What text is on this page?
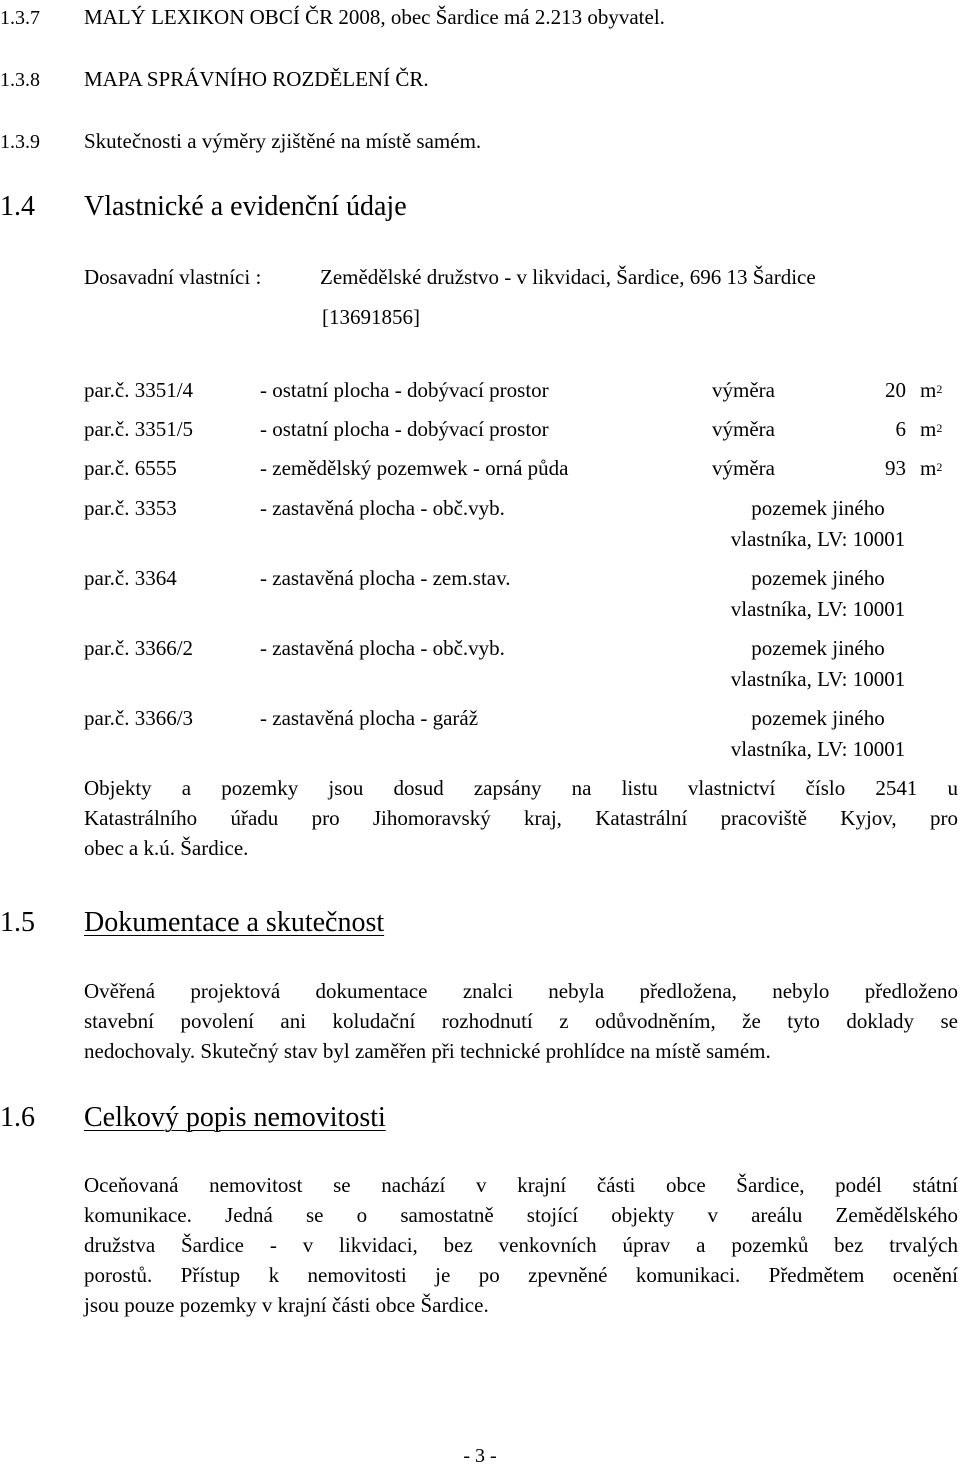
1.3.7 MALÝ LEXIKON OBCÍ ČR 2008, obec Šardice má 2.213 obyvatel.
1.3.8 MAPA SPRÁVNÍHO ROZDĚLENÍ ČR.
1.3.9 Skutečnosti a výměry zjištěné na místě samém.
1.4 Vlastnické a evidenční údaje
Dosavadní vlastníci :	Zemědělské družstvo - v likvidaci, Šardice, 696 13 Šardice
[13691856]
par.č. 3351/4	- ostatní plocha - dobývací prostor	výměra	20 $m^2$
par.č. 3351/5	- ostatní plocha - dobývací prostor	výměra	6 $m^2$
par.č. 6555	- zemědělský pozemwek - orná půda	výměra	93 $m^2$
par.č. 3353	- zastavěná plocha - obč.vyb.	pozemek jiného
vlastníka, LV: 10001
par.č. 3364	- zastavěná plocha - zem.stav.	pozemek jiného
vlastníka, LV: 10001
par.č. 3366/2	- zastavěná plocha - obč.vyb.	pozemek jiného
vlastníka, LV: 10001
par.č. 3366/3	- zastavěná plocha - garáž	pozemek jiného
vlastníka, LV: 10001
Objekty a pozemky jsou dosud zapsány na listu vlastnictví číslo 2541 u
Katastrálního úřadu pro Jihomoravský kraj, Katastrální pracoviště Kyjov, pro
obec a k.ú. Šardice.
1.5 Dokumentace a skutečnost
Ověřená projektová dokumentace znalci nebyla předložena, nebylo předloženo
stavební povolení ani koludační rozhodnutí z odůvodněním, že tyto doklady se
nedochovaly. Skutečný stav byl zaměřen při technické prohlídce na místě samém.
1.6 Celkový popis nemovitosti
Oceňovaná nemovitost se nachází v krajní části obce Šardice, podél státní
komunikace. Jedná se o samostatně stojící objekty v areálu Zemědělského
družstva Šardice - v likvidaci, bez venkovních úprav a pozemků bez trvalých
porostů. Přístup k nemovitosti je po zpevněné komunikaci. Předmětem ocenění
jsou pouze pozemky v krajní části obce Šardice.
- 3 -
